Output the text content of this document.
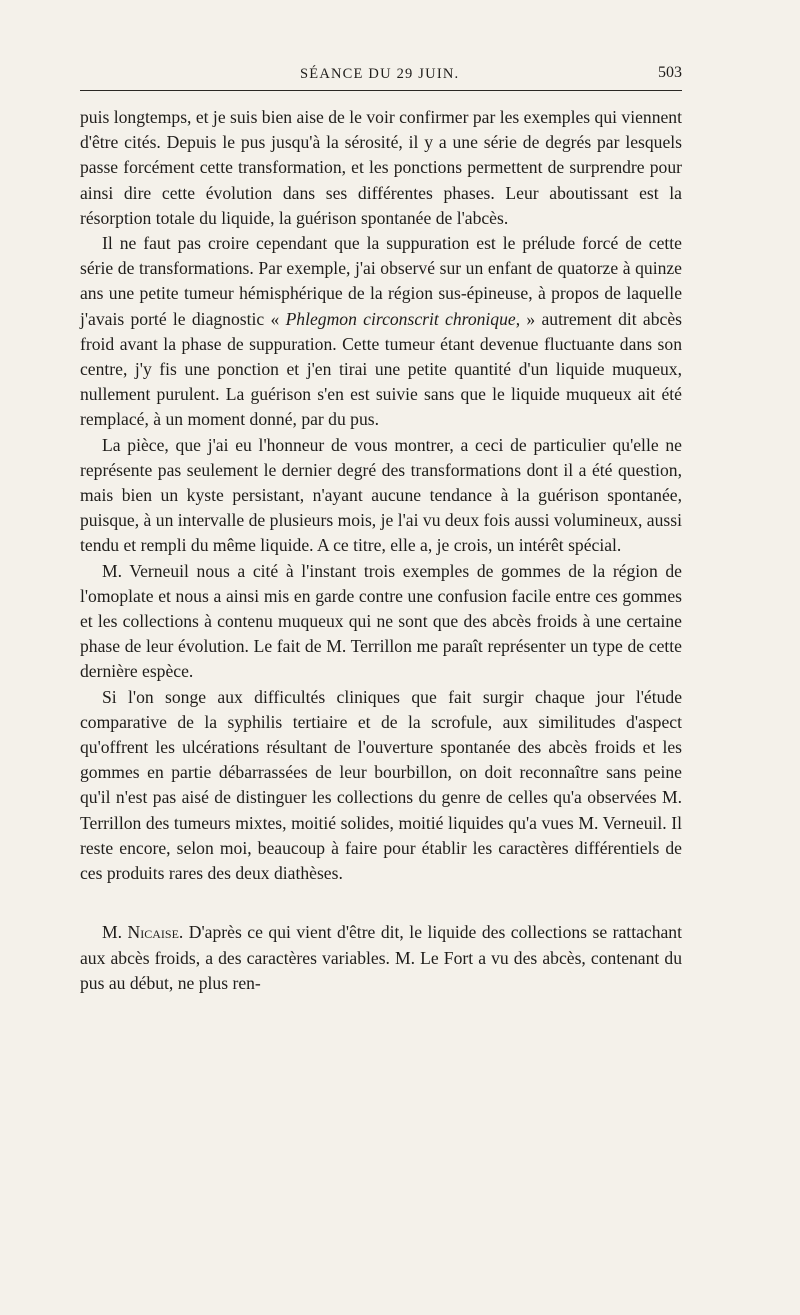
SÉANCE DU 29 JUIN.	503

puis longtemps, et je suis bien aise de le voir confirmer par les exemples qui viennent d'être cités. Depuis le pus jusqu'à la sérosité, il y a une série de degrés par lesquels passe forcément cette transformation, et les ponctions permettent de surprendre pour ainsi dire cette évolution dans ses différentes phases. Leur aboutissant est la résorption totale du liquide, la guérison spontanée de l'abcès.

Il ne faut pas croire cependant que la suppuration est le prélude forcé de cette série de transformations. Par exemple, j'ai observé sur un enfant de quatorze à quinze ans une petite tumeur hémisphérique de la région sus-épineuse, à propos de laquelle j'avais porté le diagnostic « Phlegmon circonscrit chronique, » autrement dit abcès froid avant la phase de suppuration. Cette tumeur étant devenue fluctuante dans son centre, j'y fis une ponction et j'en tirai une petite quantité d'un liquide muqueux, nullement purulent. La guérison s'en est suivie sans que le liquide muqueux ait été remplacé, à un moment donné, par du pus.

La pièce, que j'ai eu l'honneur de vous montrer, a ceci de particulier qu'elle ne représente pas seulement le dernier degré des transformations dont il a été question, mais bien un kyste persistant, n'ayant aucune tendance à la guérison spontanée, puisque, à un intervalle de plusieurs mois, je l'ai vu deux fois aussi volumineux, aussi tendu et rempli du même liquide. A ce titre, elle a, je crois, un intérêt spécial.

M. Verneuil nous a cité à l'instant trois exemples de gommes de la région de l'omoplate et nous a ainsi mis en garde contre une confusion facile entre ces gommes et les collections à contenu muqueux qui ne sont que des abcès froids à une certaine phase de leur évolution. Le fait de M. Terrillon me paraît représenter un type de cette dernière espèce.

Si l'on songe aux difficultés cliniques que fait surgir chaque jour l'étude comparative de la syphilis tertiaire et de la scrofule, aux similitudes d'aspect qu'offrent les ulcérations résultant de l'ouverture spontanée des abcès froids et les gommes en partie débarrassées de leur bourbillon, on doit reconnaître sans peine qu'il n'est pas aisé de distinguer les collections du genre de celles qu'a observées M. Terrillon des tumeurs mixtes, moitié solides, moitié liquides qu'a vues M. Verneuil. Il reste encore, selon moi, beaucoup à faire pour établir les caractères différentiels de ces produits rares des deux diathèses.

M. Nicaise. D'après ce qui vient d'être dit, le liquide des collections se rattachant aux abcès froids, a des caractères variables. M. Le Fort a vu des abcès, contenant du pus au début, ne plus ren-
